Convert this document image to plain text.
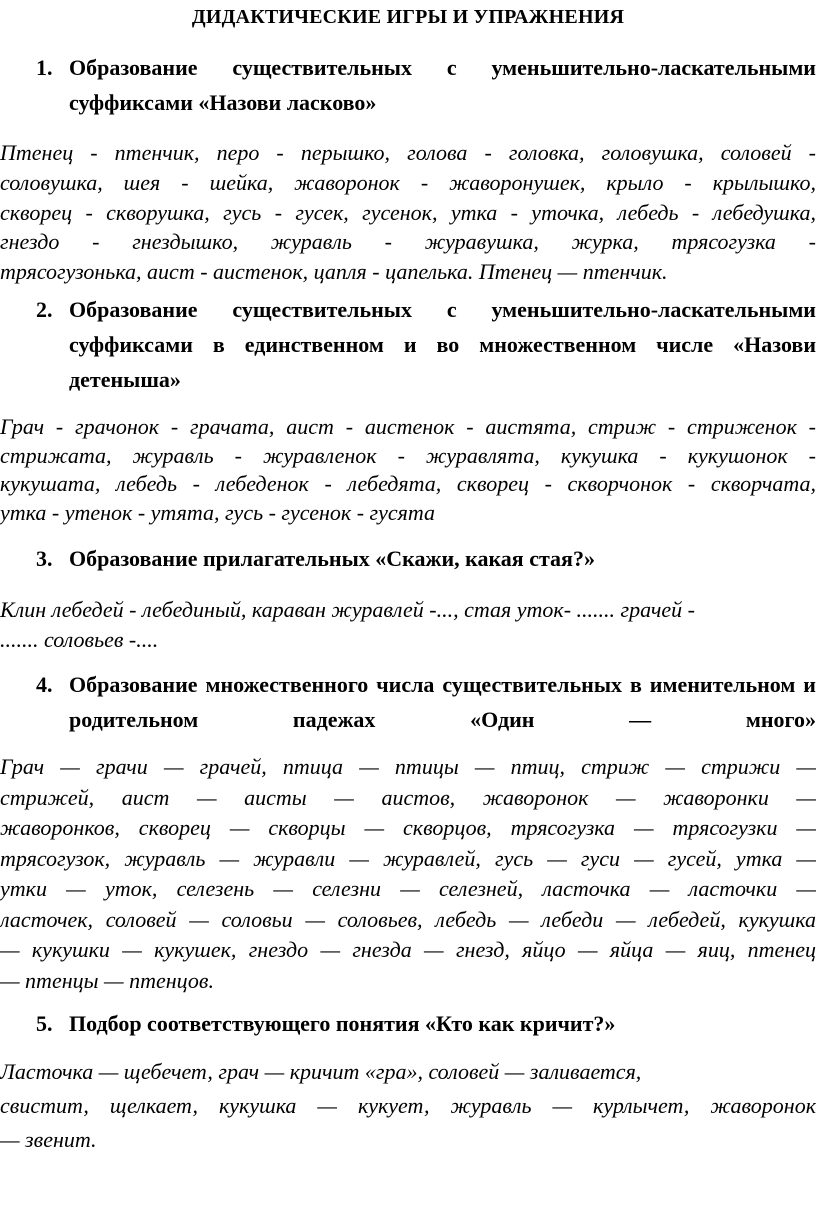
ДИДАКТИЧЕСКИЕ ИГРЫ И УПРАЖНЕНИЯ
1. Образование существительных с уменьшительно-ласкательными суффиксами «Назови ласково»
Птенец - птенчик, перо - перышко, голова - головка, головушка, соловей -
соловушка, шея - шейка, жаворонок - жаворонушек, крыло - крылышко,
скворец - скворушка, гусь - гусек, гусенок, утка - уточка, лебедь - лебедушка,
гнездо - гнездышко, журавль - журавушка, журка, трясогузка -
трясогузонька, аист - аистенок, цапля - цапелька. Птенец — птенчик.
2. Образование существительных с уменьшительно-ласкательными суффиксами в единственном и во множественном числе «Назови детеныша»
Грач - грачонок - грачата, аист - аистенок - аистята, стриж - стриженок -
стрижата, журавль - журавленок - журавлята, кукушка - кукушонок -
кукушата, лебедь - лебеденок - лебедята, скворец - скворчонок - скворчата,
утка - утенок - утята, гусь - гусенок - гусята
3. Образование прилагательных «Скажи, какая стая?»
Клин лебедей - лебединый, караван журавлей -..., стая уток- ....... грачей -
....... соловьев -....
4. Образование множественного числа существительных в именительном и родительном падежах «Один — много»
Грач — грачи — грачей, птица — птицы — птиц, стриж — стрижи —
стрижей, аист — аисты — аистов, жаворонок — жаворонки —
жаворонков, скворец — скворцы — скворцов, трясогузка — трясогузки —
трясогузок, журавль — журавли — журавлей, гусь — гуси — гусей, утка —
утки — уток, селезень — селезни — селезней, ласточка — ласточки —
ласточек, соловей — соловьи — соловьев, лебедь — лебеди — лебедей, кукушка
— кукушки — кукушек, гнездо — гнезда — гнезд, яйцо — яйца — яиц, птенец
— птенцы — птенцов.
5. Подбор соответствующего понятия «Кто как кричит?»
Ласточка — щебечет, грач — кричит «гра», соловей — заливается,
свистит, щелкает, кукушка — кукует, журавль — курлычет, жаворонок
— звенит.
